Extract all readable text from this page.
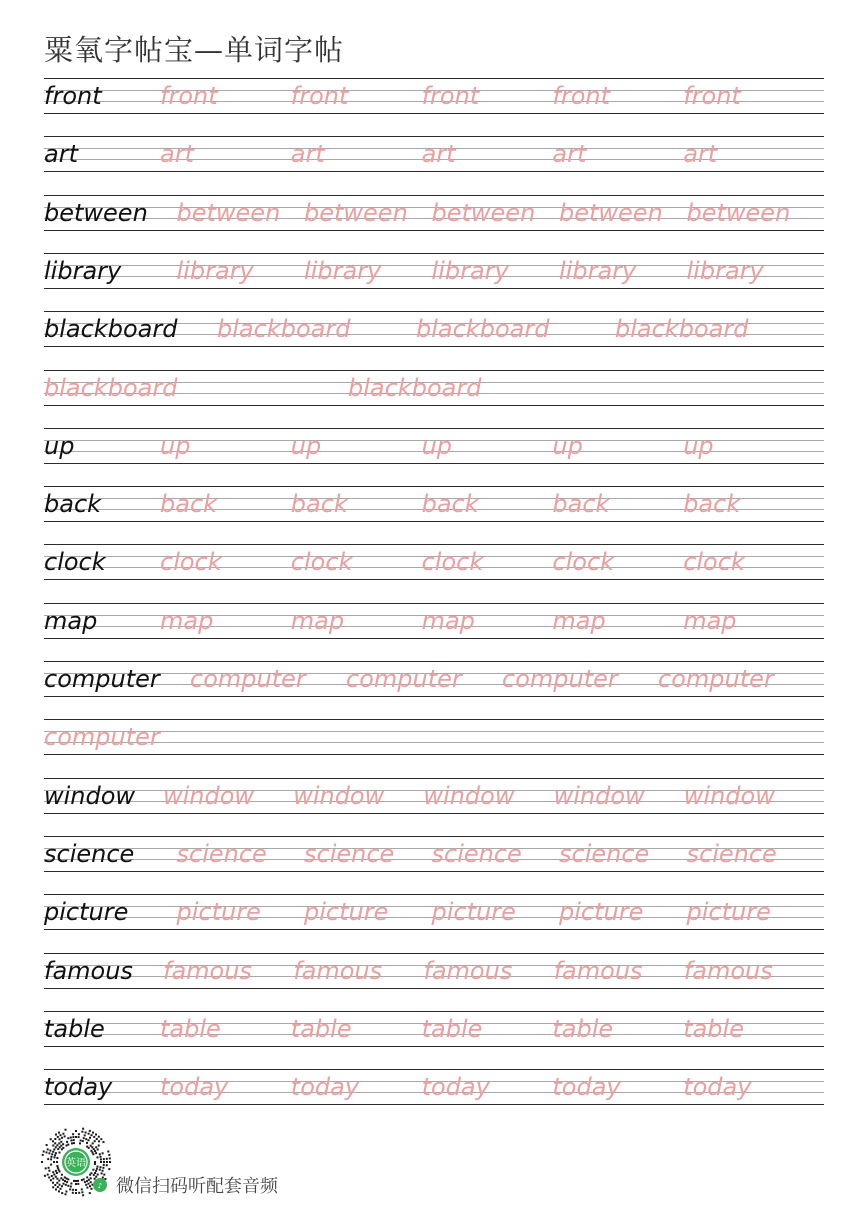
粟氧字帖宝—单词字帖
front front	front	front	front	front
art	art	art	art	art	art
between between between between between between
library library library library library library
blackboard blackboard	blackboard	blackboard
blackboard	blackboard
up	up	up	up	up	up
back back	back	back	back	back
clock clock	clock	clock	clock	clock
map	map	map	map	map	map
computer computer computer computer computer
computer
window window window window window window
science science science science science science
picture picture picture picture picture picture
famous famous famous famous famous famous
table table	table	table	table	table
today today	today	today	today	today
英语
♪ 微信扫码听配套音频
